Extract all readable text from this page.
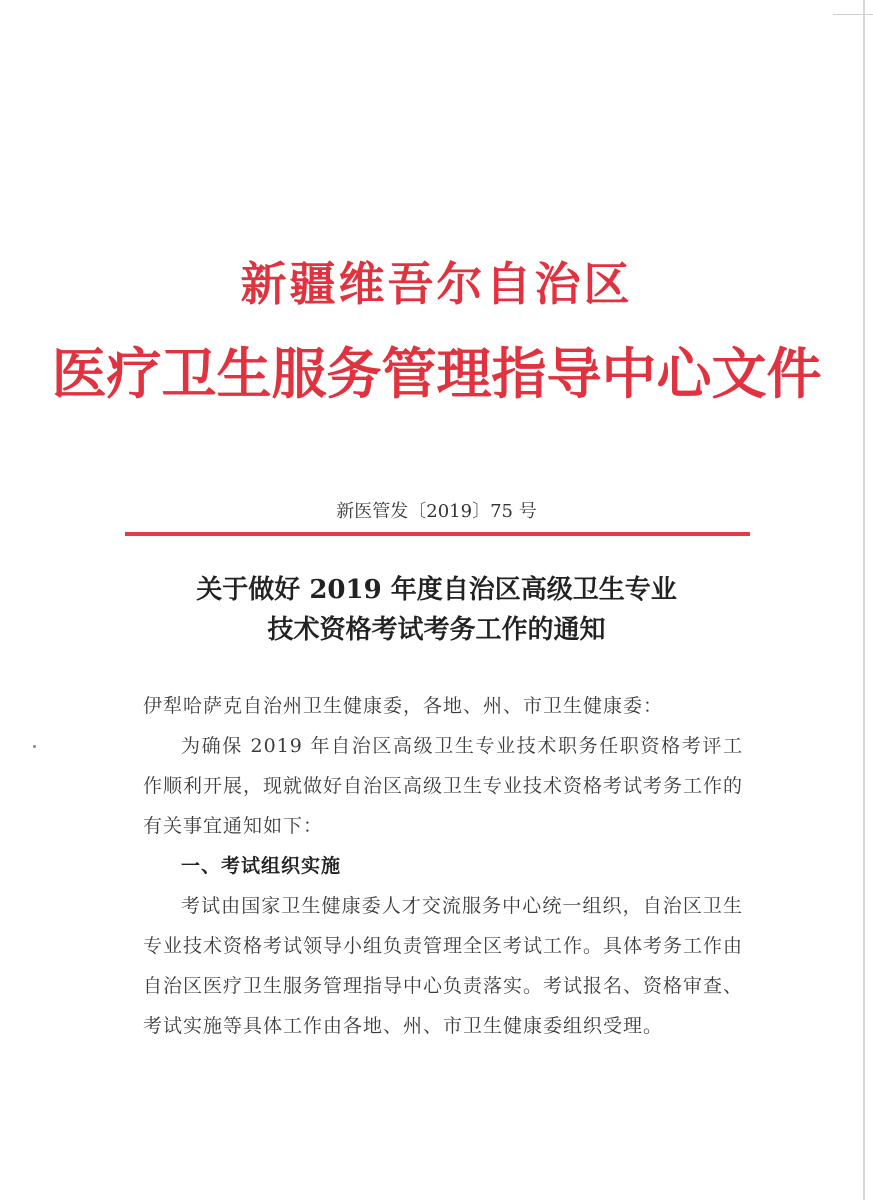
新疆维吾尔自治区
医疗卫生服务管理指导中心文件
新医管发〔2019〕75 号
关于做好 2019 年度自治区高级卫生专业
技术资格考试考务工作的通知

伊犁哈萨克自治州卫生健康委，各地、州、市卫生健康委：

为确保 2019 年自治区高级卫生专业技术职务任职资格考评工作顺利开展，现就做好自治区高级卫生专业技术资格考试考务工作的有关事宜通知如下：

一、考试组织实施

考试由国家卫生健康委人才交流服务中心统一组织，自治区卫生专业技术资格考试领导小组负责管理全区考试工作。具体考务工作由自治区医疗卫生服务管理指导中心负责落实。考试报名、资格审查、考试实施等具体工作由各地、州、市卫生健康委组织受理。
